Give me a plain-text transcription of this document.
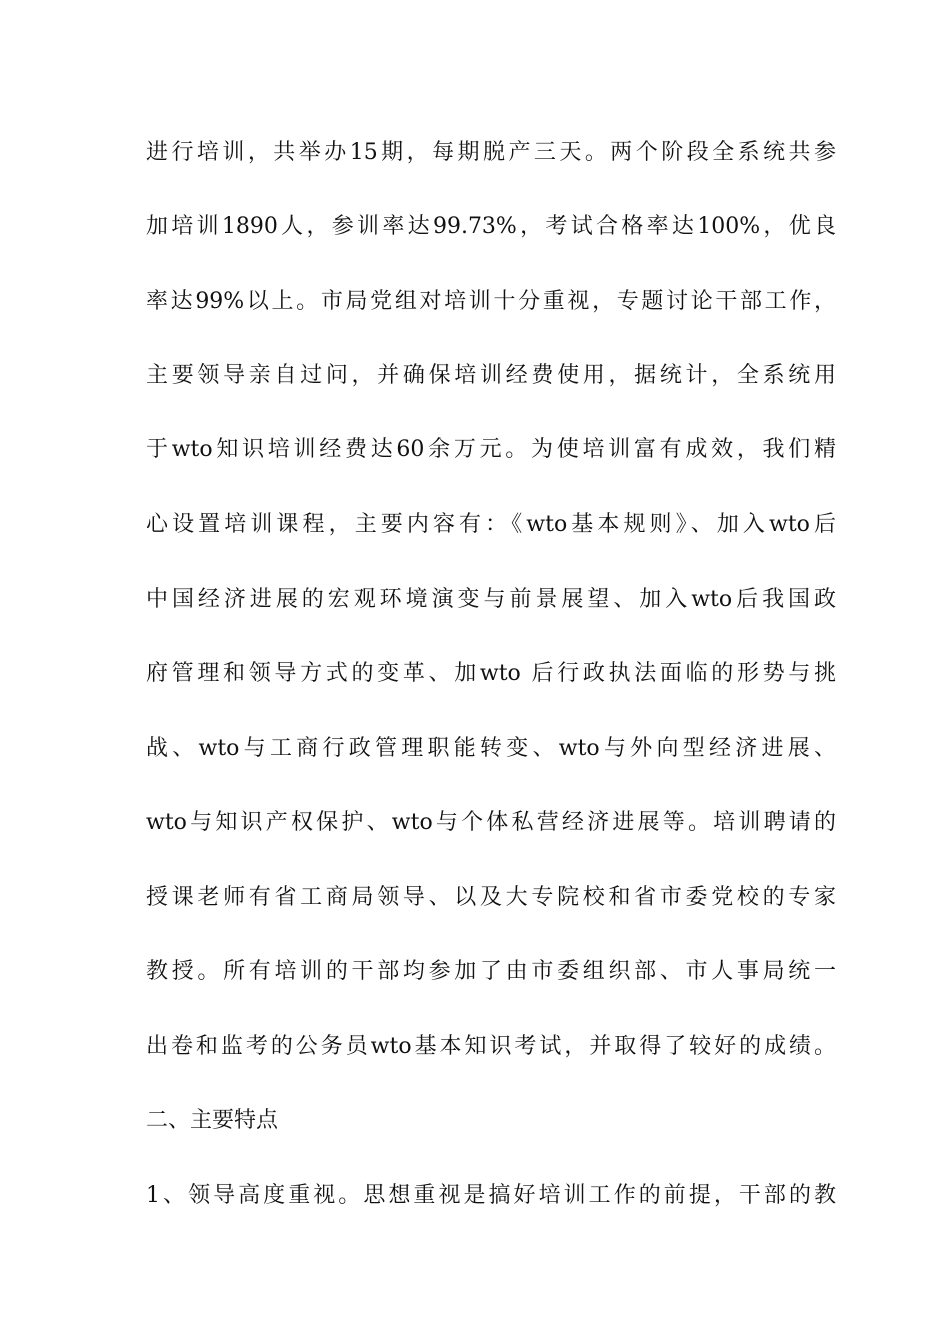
进行培训，共举办15期，每期脱产三天。两个阶段全系统共参
加培训1890人，参训率达99.73%，考试合格率达100%，优良
率达99%以上。市局党组对培训十分重视，专题讨论干部工作，
主要领导亲自过问，并确保培训经费使用，据统计，全系统用
于wto知识培训经费达60余万元。为使培训富有成效，我们精
心设置培训课程，主要内容有：《wto基本规则》、加入wto后
中国经济进展的宏观环境演变与前景展望、加入wto后我国政
府管理和领导方式的变革、加wto 后行政执法面临的形势与挑
战、wto与工商行政管理职能转变、wto与外向型经济进展、
wto与知识产权保护、wto与个体私营经济进展等。培训聘请的
授课老师有省工商局领导、以及大专院校和省市委党校的专家
教授。所有培训的干部均参加了由市委组织部、市人事局统一
出卷和监考的公务员wto基本知识考试，并取得了较好的成绩。
二、主要特点
1、领导高度重视。思想重视是搞好培训工作的前提，干部的教
